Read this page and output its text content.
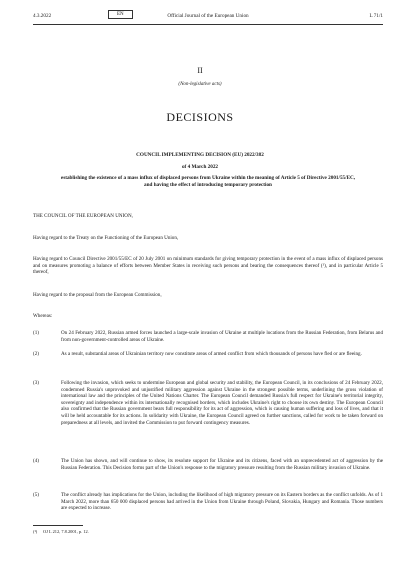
4.3.2022	EN	Official Journal of the European Union	L 71/1
II
(Non-legislative acts)
DECISIONS
COUNCIL IMPLEMENTING DECISION (EU) 2022/382
of 4 March 2022
establishing the existence of a mass influx of displaced persons from Ukraine within the meaning of Article 5 of Directive 2001/55/EC, and having the effect of introducing temporary protection
THE COUNCIL OF THE EUROPEAN UNION,
Having regard to the Treaty on the Functioning of the European Union,
Having regard to Council Directive 2001/55/EC of 20 July 2001 on minimum standards for giving temporary protection in the event of a mass influx of displaced persons and on measures promoting a balance of efforts between Member States in receiving such persons and bearing the consequences thereof (¹), and in particular Article 5 thereof,
Having regard to the proposal from the European Commission,
Whereas:
(1)	On 24 February 2022, Russian armed forces launched a large-scale invasion of Ukraine at multiple locations from the Russian Federation, from Belarus and from non-government-controlled areas of Ukraine.
(2)	As a result, substantial areas of Ukrainian territory now constitute areas of armed conflict from which thousands of persons have fled or are fleeing.
(3)	Following the invasion, which seeks to undermine European and global security and stability, the European Council, in its conclusions of 24 February 2022, condemned Russia's unprovoked and unjustified military aggression against Ukraine in the strongest possible terms, underlining the gross violation of international law and the principles of the United Nations Charter. The European Council demanded Russia's full respect for Ukraine's territorial integrity, sovereignty and independence within its internationally recognised borders, which includes Ukraine's right to choose its own destiny. The European Council also confirmed that the Russian government bears full responsibility for its act of aggression, which is causing human suffering and loss of lives, and that it will be held accountable for its actions. In solidarity with Ukraine, the European Council agreed on further sanctions, called for work to be taken forward on preparedness at all levels, and invited the Commission to put forward contingency measures.
(4)	The Union has shown, and will continue to show, its resolute support for Ukraine and its citizens, faced with an unprecedented act of aggression by the Russian Federation. This Decision forms part of the Union's response to the migratory pressure resulting from the Russian military invasion of Ukraine.
(5)	The conflict already has implications for the Union, including the likelihood of high migratory pressure on its Eastern borders as the conflict unfolds. As of 1 March 2022, more than 650 000 displaced persons had arrived in the Union from Ukraine through Poland, Slovakia, Hungary and Romania. Those numbers are expected to increase.
(¹) OJ L 212, 7.8.2001, p. 12.
